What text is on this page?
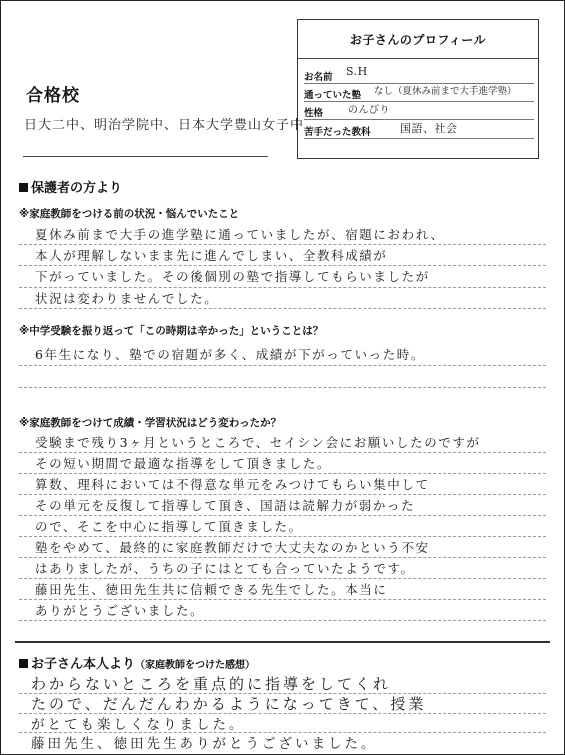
お子さんのプロフィール
お名前 S.H
通っていた塾 なし（夏休み前まで大手進学塾）
性格 のんびり
苦手だった教科	国語、社会
合格校
日大二中、明治学院中、日本大学豊山女子中
保護者の方より
※家庭教師をつける前の状況・悩んでいたこと
夏休み前まで大手の進学塾に通っていましたが、宿題におわれ、
本人が理解しないまま先に進んでしまい、全教科成績が
下がっていました。その後個別の塾で指導してもらいましたが
状況は変わりませんでした。
※中学受験を振り返って「この時期は辛かった」ということは？
6年生になり、塾での宿題が多く、成績が下がっていった時。
※家庭教師をつけて成績・学習状況はどう変わったか？
受験まで残り3ヶ月というところで、セイシン会にお願いしたのですが
その短い期間で最適な指導をして頂きました。
算数、理科においては不得意な単元をみつけてもらい集中して
その単元を反復して指導して頂き、国語は読解力が弱かった
ので、そこを中心に指導して頂きました。
塾をやめて、最終的に家庭教師だけで大丈夫なのかという不安
はありましたが、うちの子にはとても合っていたようです。
藤田先生、徳田先生共に信頼できる先生でした。本当に
ありがとうございました。
お子さん本人より（家庭教師をつけた感想）
わからないところを重点的に指導をしてくれ
たので、だんだんわかるようになってきて、授業
がとても楽しくなりました。
藤田先生、徳田先生ありがとうございました。
